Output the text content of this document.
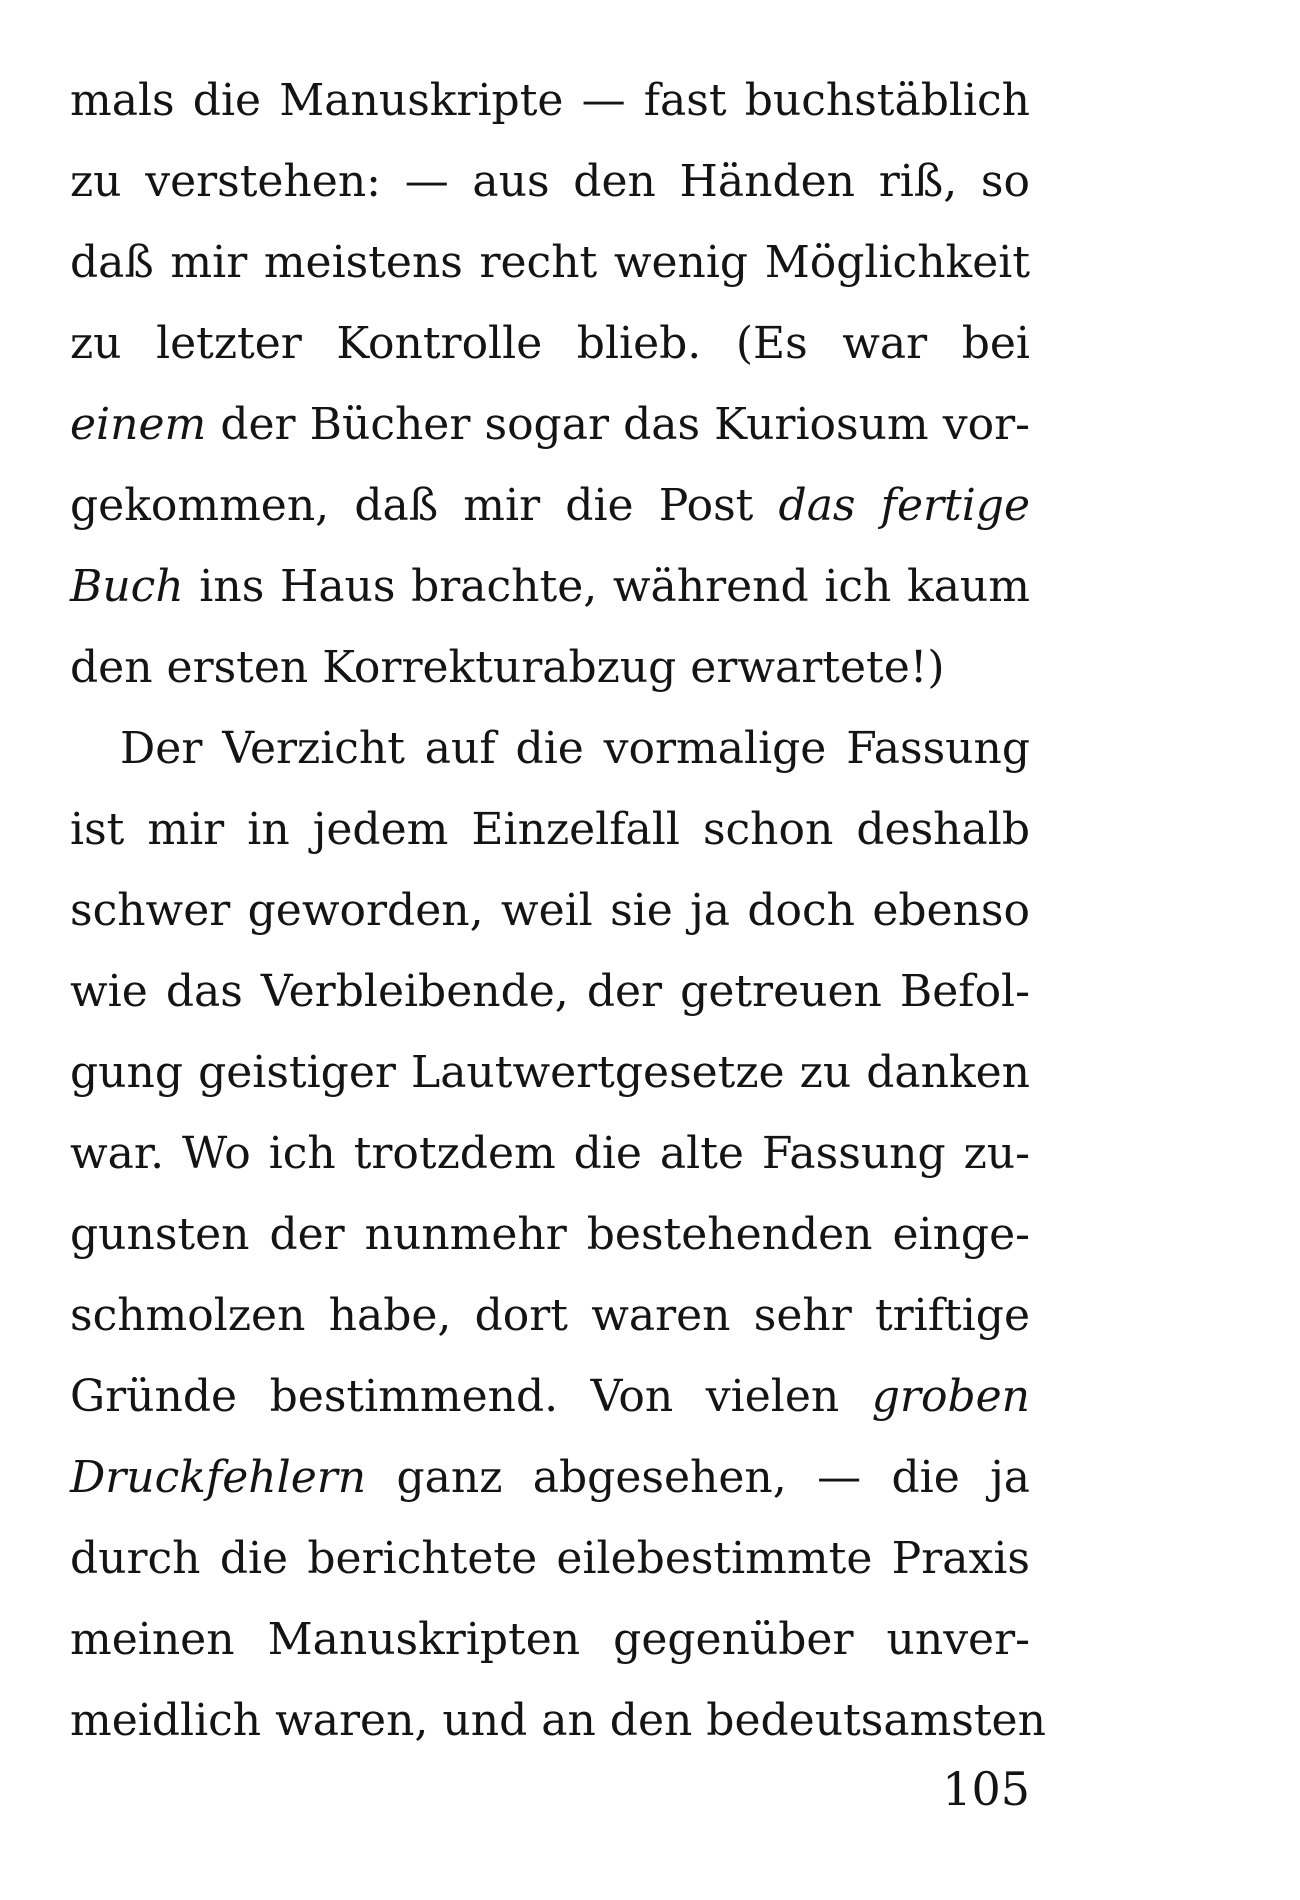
mals die Manuskripte — fast buchstäblich
zu verstehen: — aus den Händen riß, so
daß mir meistens recht wenig Möglichkeit
zu letzter Kontrolle blieb. (Es war bei
einem der Bücher sogar das Kuriosum vor-
gekommen, daß mir die Post das fertige
Buch ins Haus brachte, während ich kaum
den ersten Korrekturabzug erwartete!)
Der Verzicht auf die vormalige Fassung
ist mir in jedem Einzelfall schon deshalb
schwer geworden, weil sie ja doch ebenso
wie das Verbleibende, der getreuen Befol-
gung geistiger Lautwertgesetze zu danken
war. Wo ich trotzdem die alte Fassung zu-
gunsten der nunmehr bestehenden einge-
schmolzen habe, dort waren sehr triftige
Gründe bestimmend. Von vielen groben
Druckfehlern ganz abgesehen, — die ja
durch die berichtete eilebestimmte Praxis
meinen Manuskripten gegenüber unver-
meidlich waren, und an den bedeutsamsten
105
